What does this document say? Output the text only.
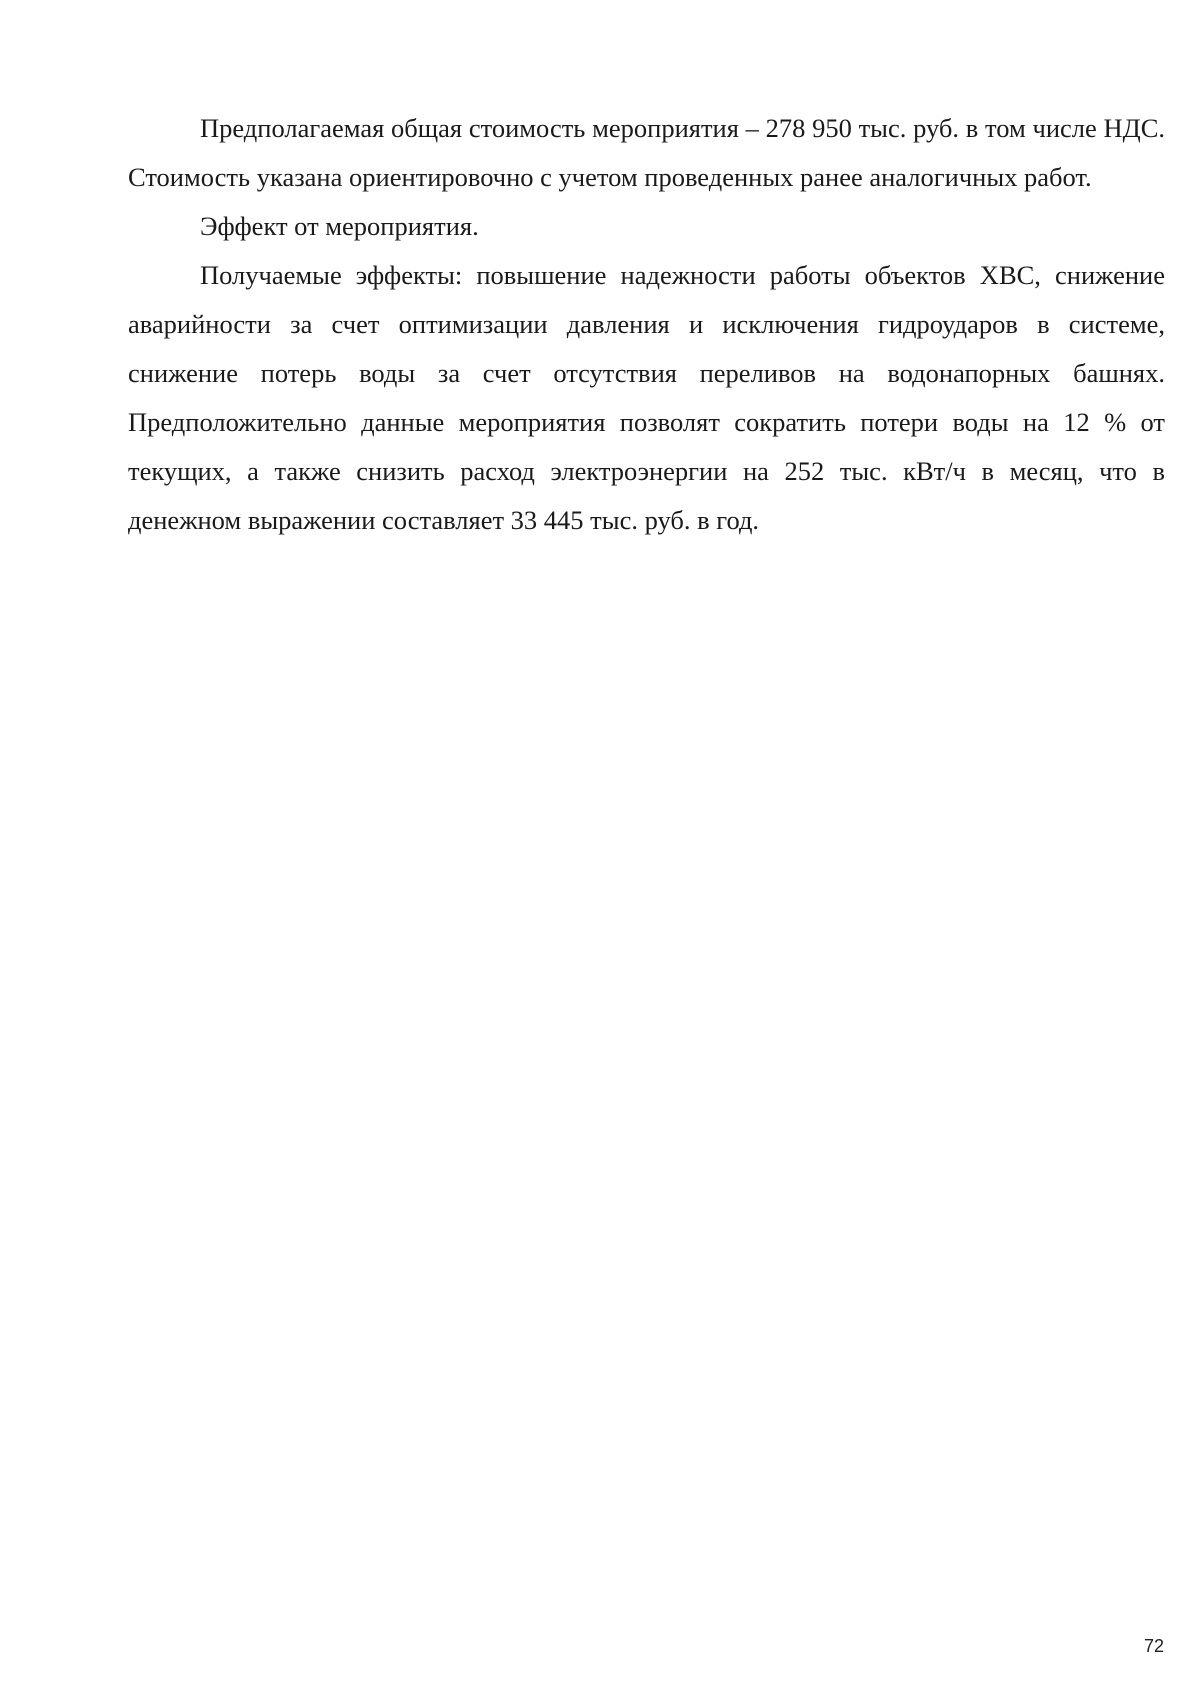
Предполагаемая общая стоимость мероприятия – 278 950 тыс. руб. в том числе НДС. Стоимость указана ориентировочно с учетом проведенных ранее аналогичных работ.

Эффект от мероприятия.

Получаемые эффекты: повышение надежности работы объектов ХВС, снижение аварийности за счет оптимизации давления и исключения гидроударов в системе, снижение потерь воды за счет отсутствия переливов на водонапорных башнях. Предположительно данные мероприятия позволят сократить потери воды на 12 % от текущих, а также снизить расход электроэнергии на 252 тыс. кВт/ч в месяц, что в денежном выражении составляет 33 445 тыс. руб. в год.

72
